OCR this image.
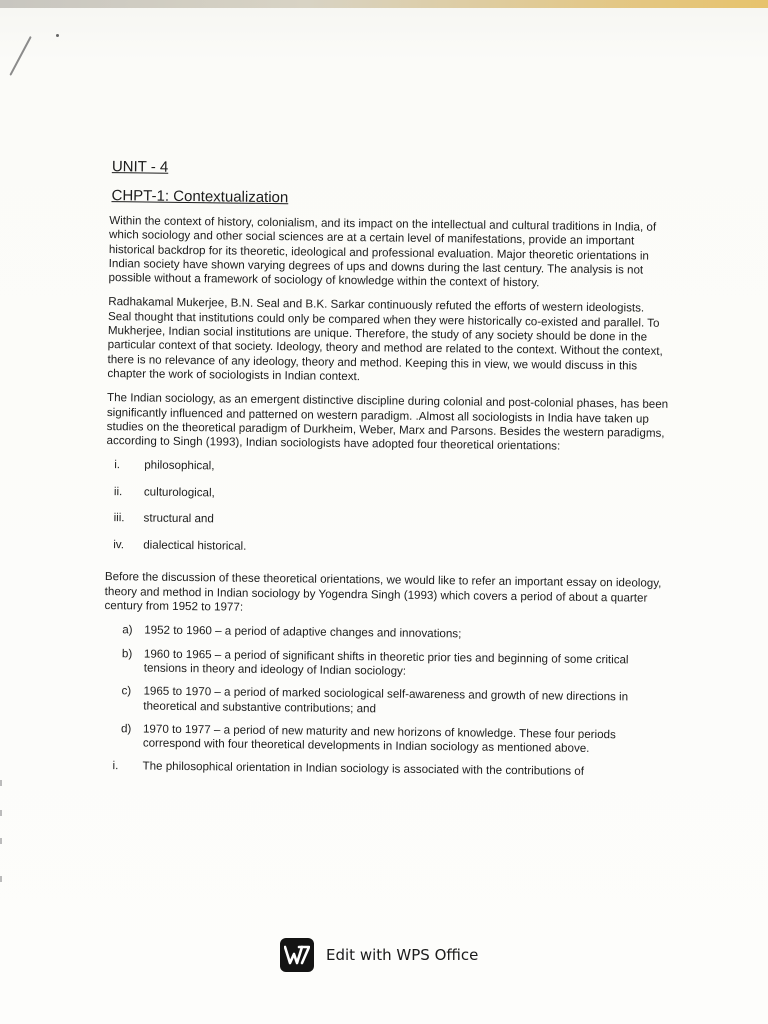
UNIT - 4
CHPT-1: Contextualization

Within the context of history, colonialism, and its impact on the intellectual and cultural traditions in India, of which sociology and other social sciences are at a certain level of manifestations, provide an important historical backdrop for its theoretic, ideological and professional evaluation. Major theoretic orientations in Indian society have shown varying degrees of ups and downs during the last century. The analysis is not possible without a framework of sociology of knowledge within the context of history.

Radhakamal Mukerjee, B.N. Seal and B.K. Sarkar continuously refuted the efforts of western ideologists. Seal thought that institutions could only be compared when they were historically co-existed and parallel. To Mukherjee, Indian social institutions are unique. Therefore, the study of any society should be done in the particular context of that society. Ideology, theory and method are related to the context. Without the context, there is no relevance of any ideology, theory and method. Keeping this in view, we would discuss in this chapter the work of sociologists in Indian context.

The Indian sociology, as an emergent distinctive discipline during colonial and post-colonial phases, has been significantly influenced and patterned on western paradigm. .Almost all sociologists in India have taken up studies on the theoretical paradigm of Durkheim, Weber, Marx and Parsons. Besides the western paradigms, according to Singh (1993), Indian sociologists have adopted four theoretical orientations:

i. philosophical,
ii. culturological,
iii. structural and
iv. dialectical historical.

Before the discussion of these theoretical orientations, we would like to refer an important essay on ideology, theory and method in Indian sociology by Yogendra Singh (1993) which covers a period of about a quarter century from 1952 to 1977:

a) 1952 to 1960 – a period of adaptive changes and innovations;
b) 1960 to 1965 – a period of significant shifts in theoretic prior ties and beginning of some critical tensions in theory and ideology of Indian sociology:
c) 1965 to 1970 – a period of marked sociological self-awareness and growth of new directions in theoretical and substantive contributions; and
d) 1970 to 1977 – a period of new maturity and new horizons of knowledge. These four periods correspond with four theoretical developments in Indian sociology as mentioned above.
i. The philosophical orientation in Indian sociology is associated with the contributions of
Edit with WPS Office
